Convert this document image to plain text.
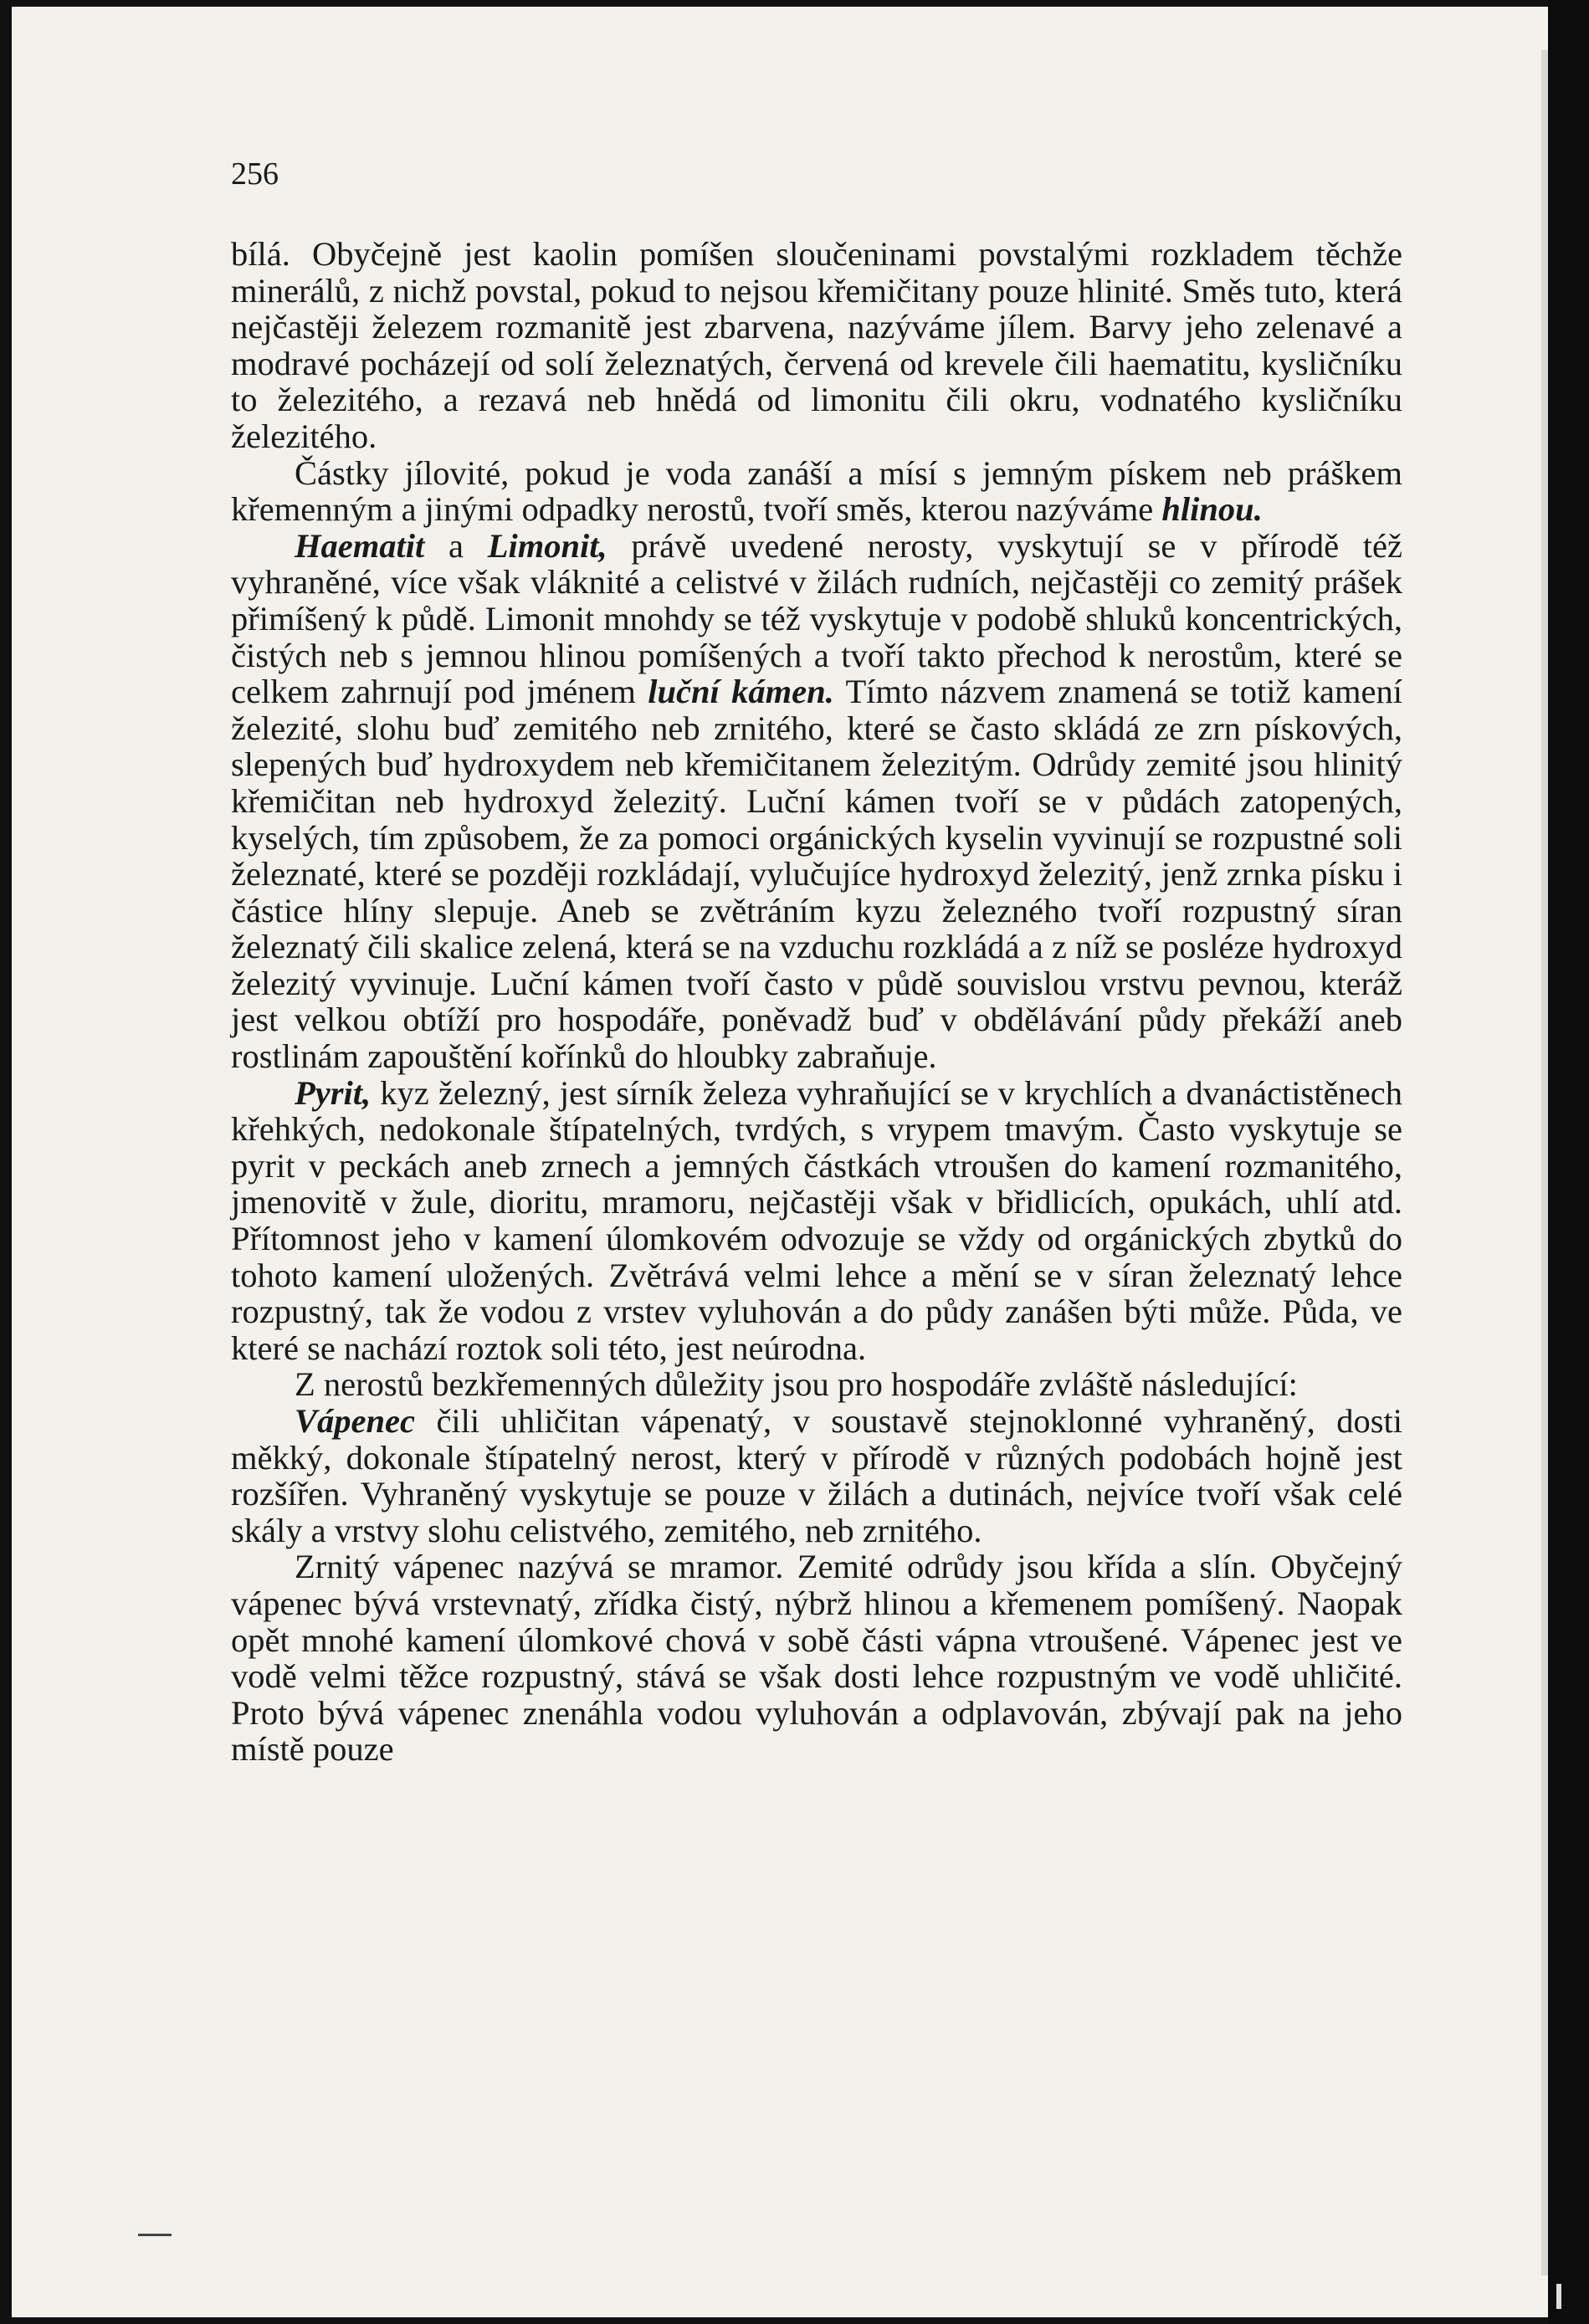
256

bílá. Obyčejně jest kaolin pomíšen sloučeninami povstalými rozkladem těchže minerálů, z nichž povstal, pokud to nejsou křemičitany pouze hlinité. Směs tuto, která nejčastěji železem rozmanitě jest zbarvena, nazýváme jílem. Barvy jeho zelenavé a modravé pocházejí od solí železnatých, červená od krevele čili haematitu, kysličníku to železitého, a rezavá neb hnědá od limonitu čili okru, vodnatého kysličníku železitého.

Částky jílovité, pokud je voda zanáší a mísí s jemným pískem neb práškem křemenným a jinými odpadky nerostů, tvoří směs, kterou nazýváme hlinou.

Haematit a Limonit, právě uvedené nerosty, vyskytují se v přírodě též vyhraněné, více však vláknité a celistvé v žilách rudních, nejčastěji co zemitý prášek přimíšený k půdě. Limonit mnohdy se též vyskytuje v podobě shluků koncentrických, čistých neb s jemnou hlinou pomíšených a tvoří takto přechod k nerostům, které se celkem zahrnují pod jménem luční kámen. Tímto názvem znamená se totiž kamení železité, slohu buď zemitého neb zrnitého, které se často skládá ze zrn pískových, slepených buď hydroxydem neb křemičitanem železitým. Odrůdy zemité jsou hlinitý křemičitan neb hydroxyd železitý. Luční kámen tvoří se v půdách zatopených, kyselých, tím způsobem, že za pomoci orgánických kyselin vyvinují se rozpustné soli železnaté, které se později rozkládají, vylučujíce hydroxyd železitý, jenž zrnka písku i částice hlíny slepuje. Aneb se zvětráním kyzu železného tvoří rozpustný síran železnatý čili skalice zelená, která se na vzduchu rozkládá a z níž se posléze hydroxyd železitý vyvinuje. Luční kámen tvoří často v půdě souvislou vrstvu pevnou, kteráž jest velkou obtíží pro hospodáře, poněvadž buď v obdělávání půdy překáží aneb rostlinám zapouštění kořínků do hloubky zabraňuje.

Pyrit, kyz železný, jest sírník železa vyhraňující se v krychlích a dvanáctistěnech křehkých, nedokonale štípatelných, tvrdých, s vrypem tmavým. Často vyskytuje se pyrit v peckách aneb zrnech a jemných částkách vtroušen do kamení rozmanitého, jmenovitě v žule, dioritu, mramoru, nejčastěji však v břidlicích, opukách, uhlí atd. Přítomnost jeho v kamení úlomkovém odvozuje se vždy od orgánických zbytků do tohoto kamení uložených. Zvětrává velmi lehce a mění se v síran železnatý lehce rozpustný, tak že vodou z vrstev vyluhován a do půdy zanášen býti může. Půda, ve které se nachází roztok soli této, jest neúrodna.

Z nerostů bezkřemenných důležity jsou pro hospodáře zvláště následující:

Vápenec čili uhličitan vápenatý, v soustavě stejnoklonné vyhraněný, dosti měkký, dokonale štípatelný nerost, který v přírodě v různých podobách hojně jest rozšířen. Vyhraněný vyskytuje se pouze v žilách a dutinách, nejvíce tvoří však celé skály a vrstvy slohu celistvého, zemitého, neb zrnitého.

Zrnitý vápenec nazývá se mramor. Zemité odrůdy jsou křída a slín. Obyčejný vápenec bývá vrstevnatý, zřídka čistý, nýbrž hlinou a křemenem pomíšený. Naopak opět mnohé kamení úlomkové chová v sobě části vápna vtroušené. Vápenec jest ve vodě velmi těžce rozpustný, stává se však dosti lehce rozpustným ve vodě uhličité. Proto bývá vápenec znenáhla vodou vyluhován a odplavován, zbývají pak na jeho místě pouze
